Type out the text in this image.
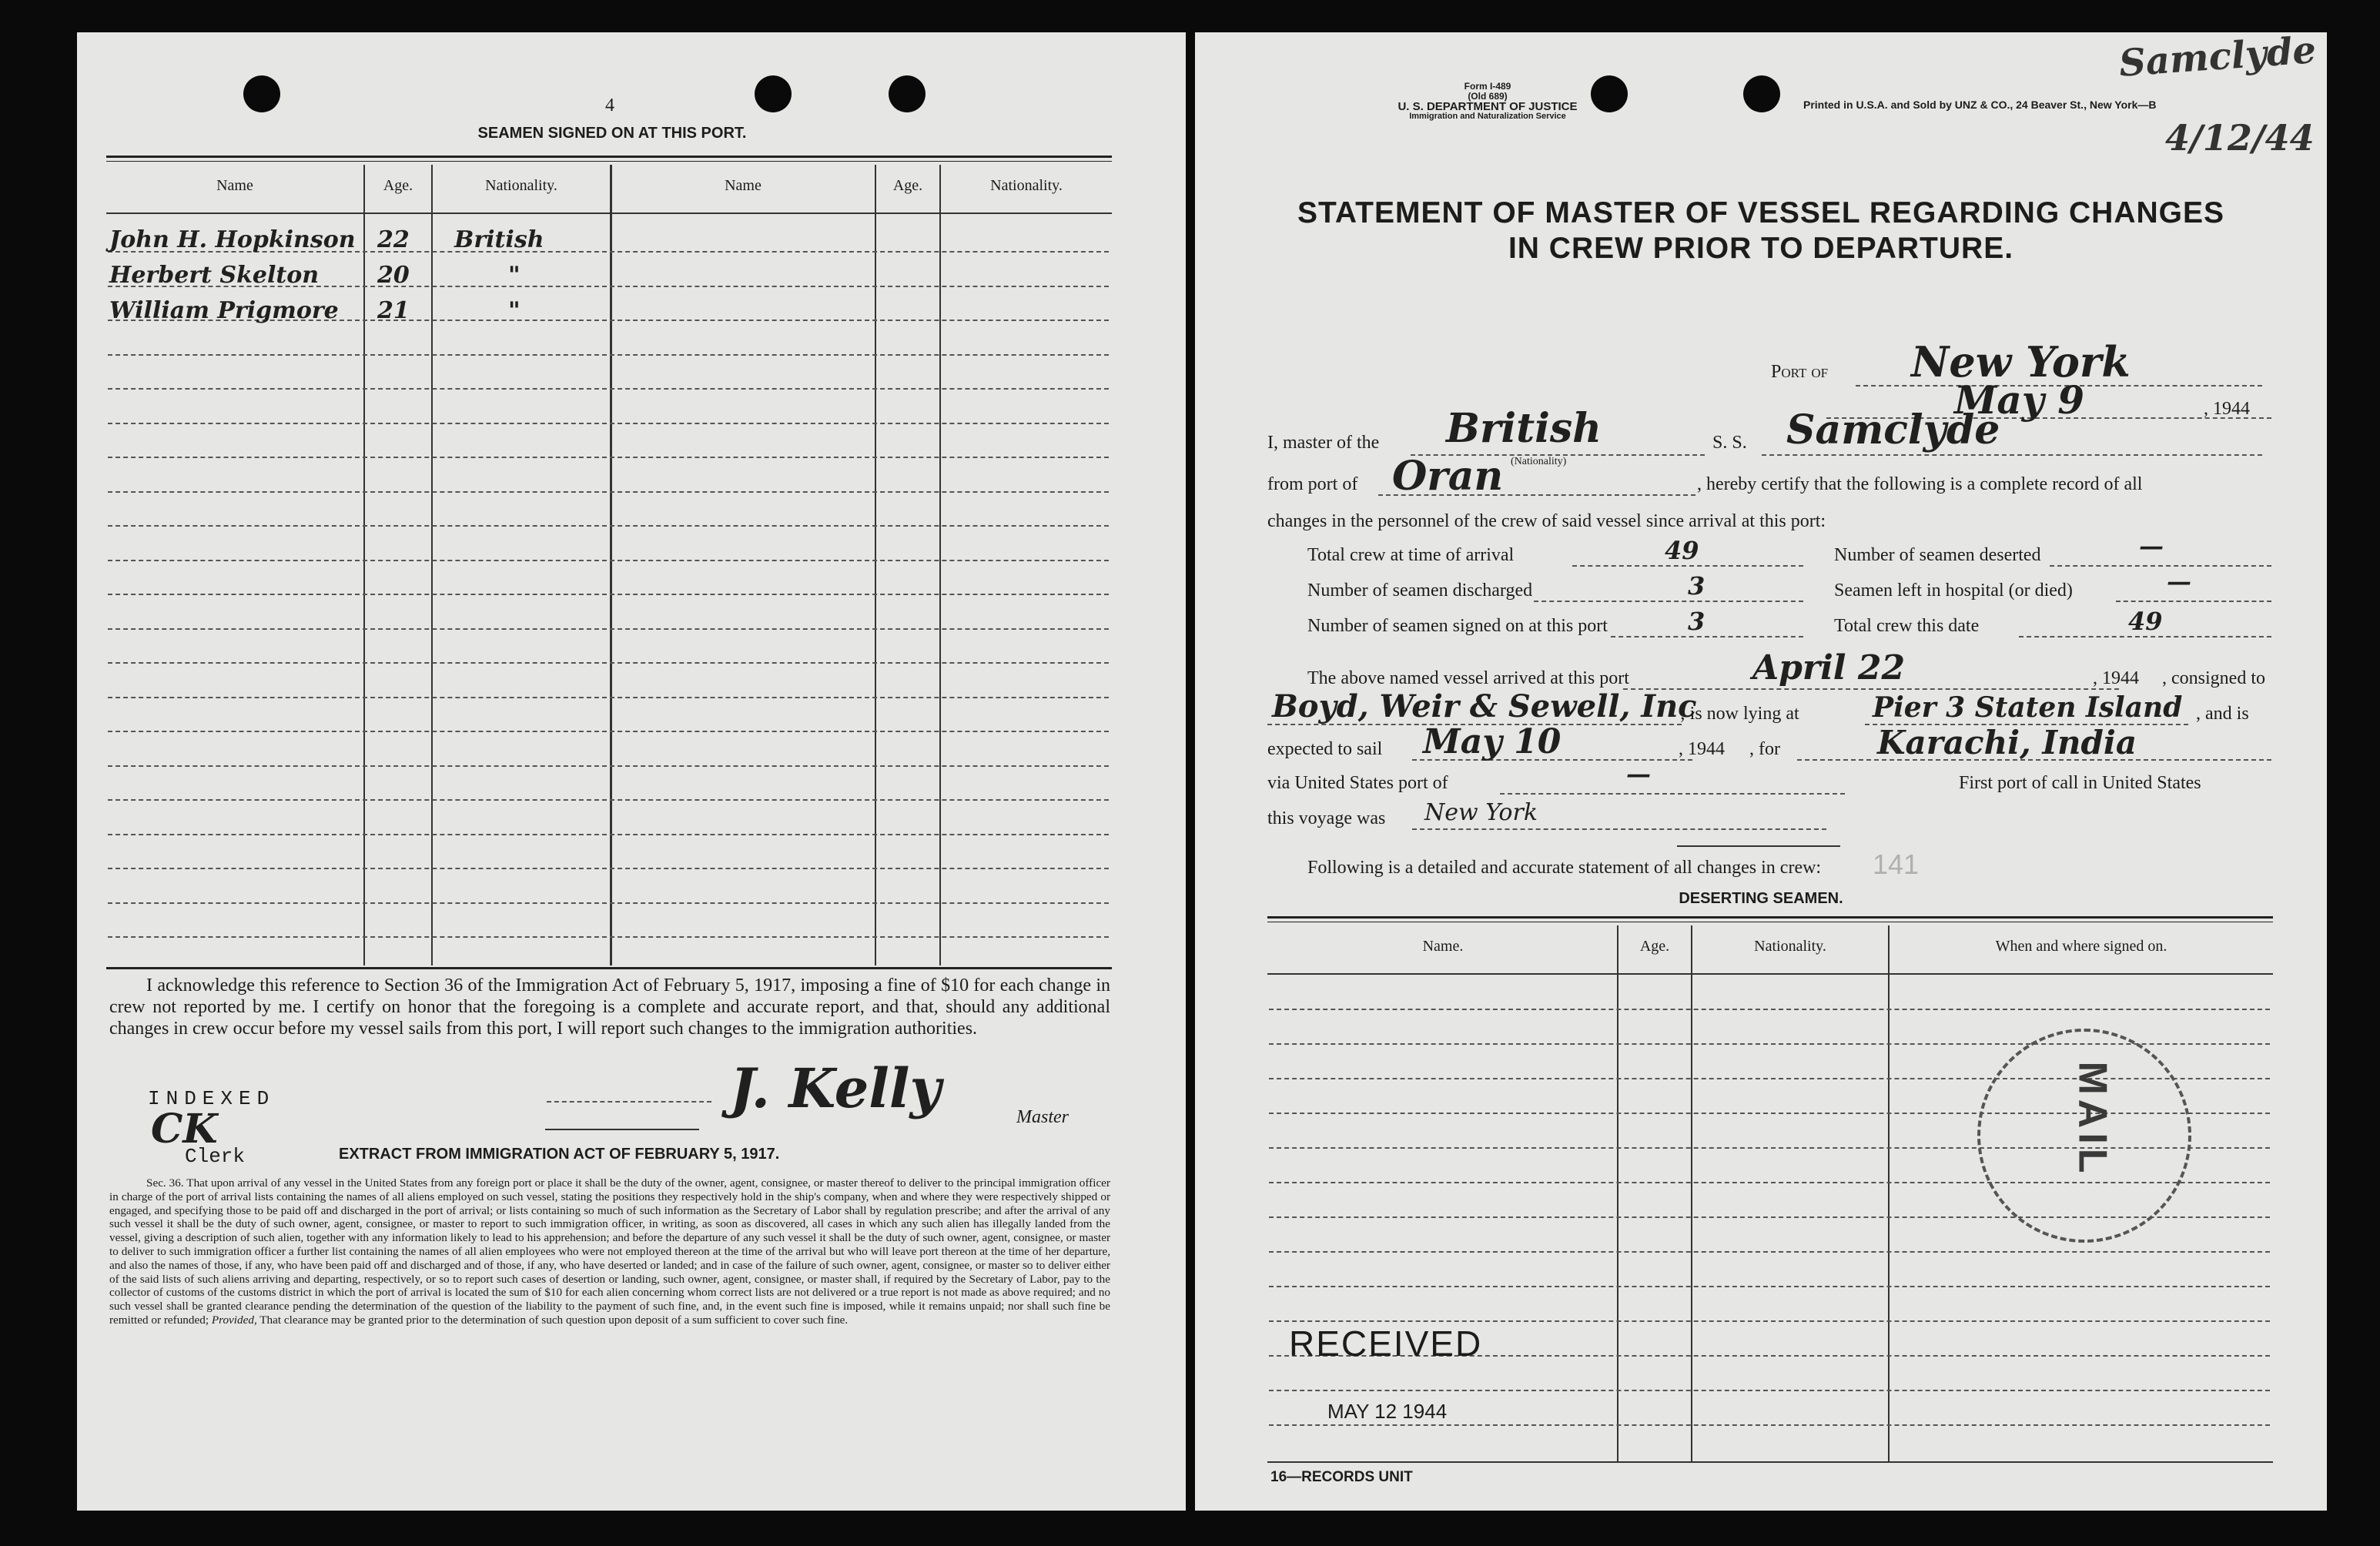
4
SEAMEN SIGNED ON AT THIS PORT.
Name	Age.	Nationality.	Name	Age.	Nationality.
John H. Hopkinson 22 British
Herbert Skelton	20	"
William Prigmore 21	"
I acknowledge this reference to Section 36 of the Immigration Act of February 5, 1917, imposing a fine of $10 for each change in crew not reported by me. I certify on honor that the foregoing is a complete and accurate report, and that, should any additional changes in crew occur before my vessel sails from this port, I will report such changes to the immigration authorities.
INDEXED
CK
Clerk
J. Kelly	Master
EXTRACT FROM IMMIGRATION ACT OF FEBRUARY 5, 1917.
Sec. 36. That upon arrival of any vessel in the United States from any foreign port or place it shall be the duty of the owner, agent, consignee, or master thereof to deliver to the principal immigration officer in charge of the port of arrival lists containing the names of all aliens employed on such vessel, stating the positions they respectively hold in the ship's company, when and where they were respectively shipped or engaged, and specifying those to be paid off and discharged in the port of arrival; or lists containing so much of such information as the Secretary of Labor shall by regulation prescribe; and after the arrival of any such vessel it shall be the duty of such owner, agent, consignee, or master to report to such immigration officer, in writing, as soon as discovered, all cases in which any such alien has illegally landed from the vessel, giving a description of such alien, together with any information likely to lead to his apprehension; and before the departure of any such vessel it shall be the duty of such owner, agent, consignee, or master to deliver to such immigration officer a further list containing the names of all alien employees who were not employed thereon at the time of the arrival but who will leave port thereon at the time of her departure, and also the names of those, if any, who have been paid off and discharged and of those, if any, who have deserted or landed; and in case of the failure of such owner, agent, consignee, or master so to deliver either of the said lists of such aliens arriving and departing, respectively, or so to report such cases of desertion or landing, such owner, agent, consignee, or master shall, if required by the Secretary of Labor, pay to the collector of customs of the customs district in which the port of arrival is located the sum of $10 for each alien concerning whom correct lists are not delivered or a true report is not made as above required; and no such vessel shall be granted clearance pending the determination of the question of the liability to the payment of such fine, and, in the event such fine is imposed, while it remains unpaid; nor shall such fine be remitted or refunded; Provided, That clearance may be granted prior to the determination of such question upon deposit of a sum sufficient to cover such fine.
Form I-489
(Old 689)
U. S. DEPARTMENT OF JUSTICE
Immigration and Naturalization Service
Printed in U.S.A. and Sold by UNZ & CO., 24 Beaver St., New York—B
Samclyde
4/12/44
STATEMENT OF MASTER OF VESSEL REGARDING CHANGES
IN CREW PRIOR TO DEPARTURE.
Port of New York
May 9	, 1944
I, master of the British
(Nationality)
S. S. Samclyde
from port of Oran	, hereby certify that the following is a complete record of all
changes in the personnel of the crew of said vessel since arrival at this port:
Total crew at time of arrival	49	Number of seamen deserted	—
Number of seamen discharged	3	Seamen left in hospital (or died)	—
Number of seamen signed on at this port	3	Total crew this date	49
The above named vessel arrived at this port	April 22	, 1944 , consigned to
Boyd, Weir & Sewell, Inc
; is now lying at	Pier 3 Staten Island , and is
expected to sail May 10	, 1944 , for	Karachi, India
via United States port of	—	First port of call in United States
this voyage was New York
Following is a detailed and accurate statement of all changes in crew: 141
DESERTING SEAMEN.
Name.	Age.	Nationality.	When and where signed on.
MAIL
RECEIVED
MAY 12 1944
16—RECORDS UNIT
